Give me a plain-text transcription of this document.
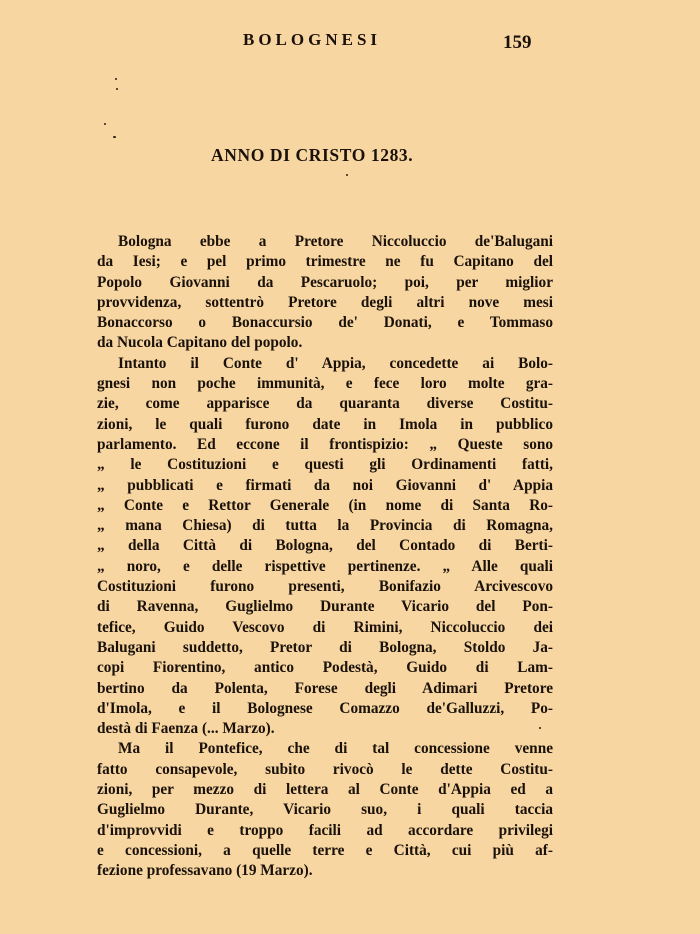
BOLOGNESI	159
ANNO DI CRISTO 1283.
Bologna ebbe a Pretore Niccoluccio de'Balugani
da Iesi; e pel primo trimestre ne fu Capitano del
Popolo Giovanni da Pescaruolo; poi, per miglior
provvidenza, sottentrò Pretore degli altri nove mesi
Bonaccorso o Bonaccursio de' Donati, e Tommaso
da Nucola Capitano del popolo.
Intanto il Conte d' Appia, concedette ai Bolo-
gnesi non poche immunità, e fece loro molte gra-
zie, come apparisce da quaranta diverse Costitu-
zioni, le quali furono date in Imola in pubblico
parlamento. Ed eccone il frontispizio: „ Queste sono
„ le Costituzioni e questi gli Ordinamenti fatti,
„ pubblicati e firmati da noi Giovanni d' Appia
„ Conte e Rettor Generale (in nome di Santa Ro-
„ mana Chiesa) di tutta la Provincia di Romagna,
„ della Città di Bologna, del Contado di Berti-
„ noro, e delle rispettive pertinenze. „ Alle quali
Costituzioni furono presenti, Bonifazio Arcivescovo
di Ravenna, Guglielmo Durante Vicario del Pon-
tefice, Guido Vescovo di Rimini, Niccoluccio dei
Balugani suddetto, Pretor di Bologna, Stoldo Ja-
copi Fiorentino, antico Podestà, Guido di Lam-
bertino da Polenta, Forese degli Adimari Pretore
d'Imola, e il Bolognese Comazzo de'Galluzzi, Po-
destà di Faenza (... Marzo).
Ma il Pontefice, che di tal concessione venne
fatto consapevole, subito rivocò le dette Costitu-
zioni, per mezzo di lettera al Conte d'Appia ed a
Guglielmo Durante, Vicario suo, i quali taccia
d'improvvidi e troppo facili ad accordare privilegi
e concessioni, a quelle terre e Città, cui più af-
fezione professavano (19 Marzo).
